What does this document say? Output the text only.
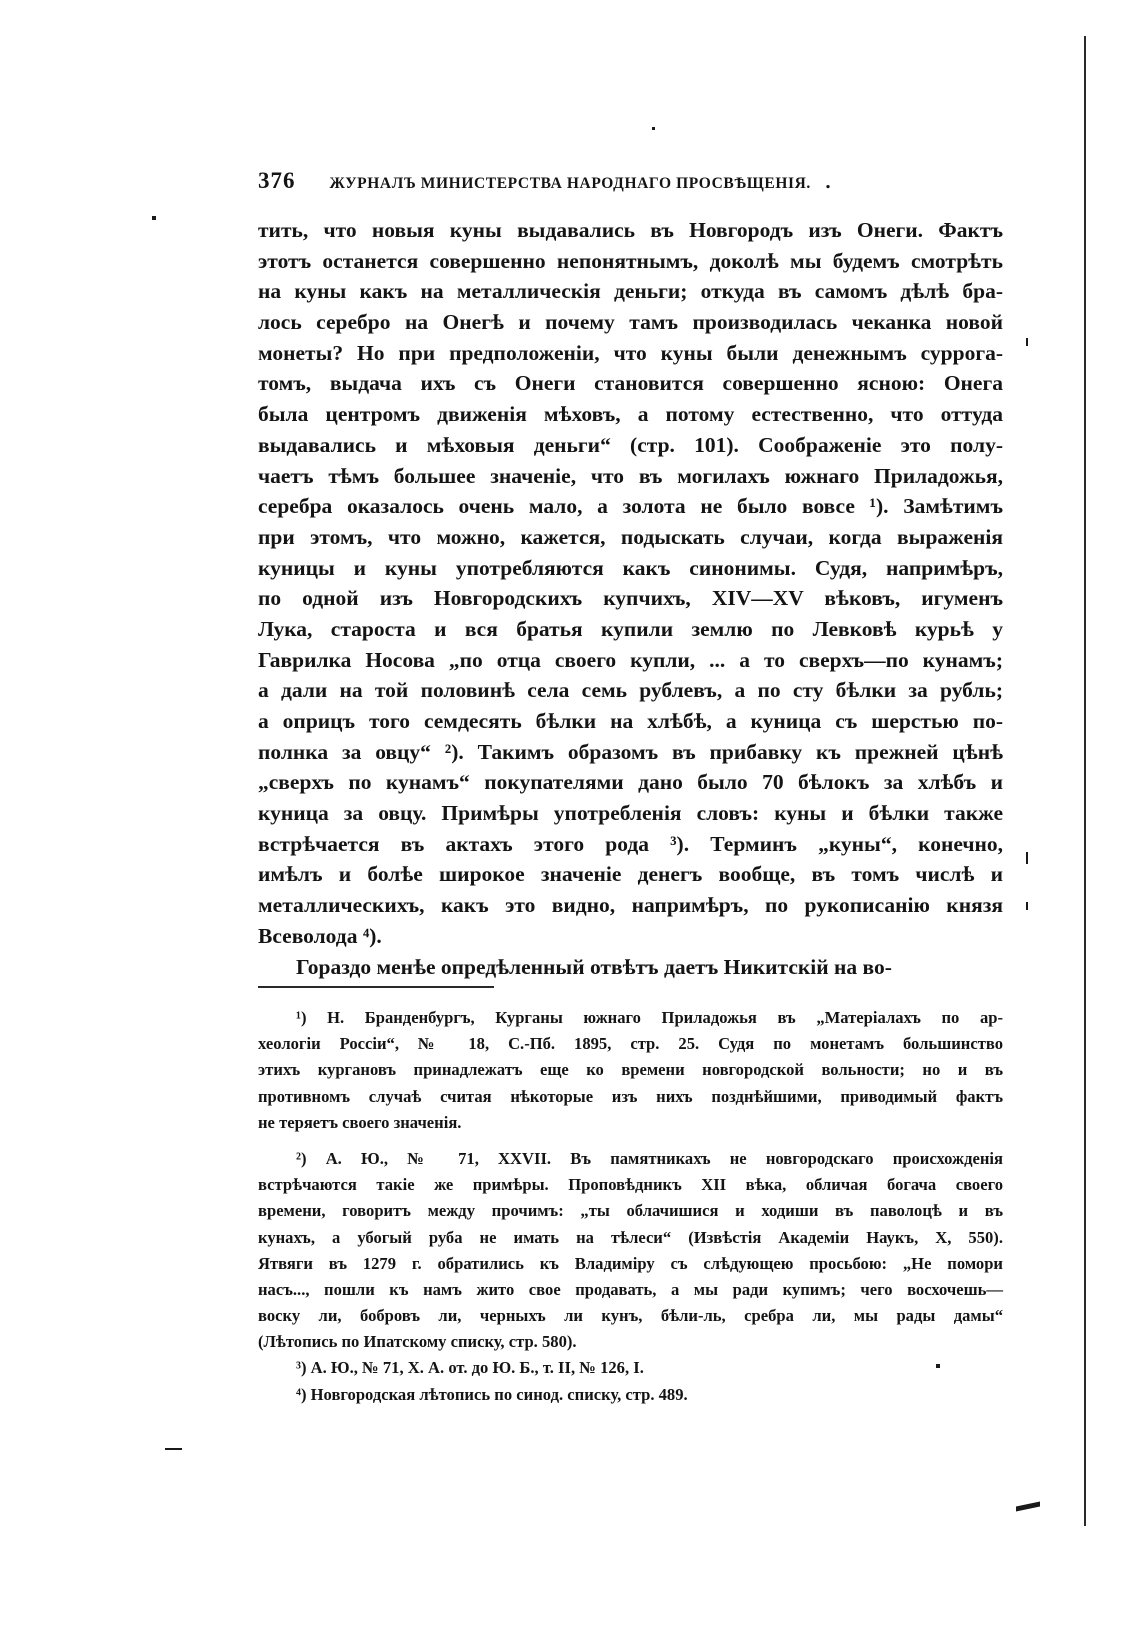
376 ЖУРНАЛЪ МИНИСТЕРСТВА НАРОДНАГО ПРОСВѢЩЕНІЯ. .
тить, что новыя куны выдавались въ Новгородъ изъ Онеги. Фактъ
этотъ останется совершенно непонятнымъ, доколѣ мы будемъ смотрѣть
на куны какъ на металлическія деньги; откуда въ самомъ дѣлѣ бра-
лось серебро на Онегѣ и почему тамъ производилась чеканка новой
монеты? Но при предположеніи, что куны были денежнымъ суррога-
томъ, выдача ихъ съ Онеги становится совершенно ясною: Онега
была центромъ движенія мѣховъ, а потому естественно, что оттуда
выдавались и мѣховыя деньги“ (стр. 101). Соображеніе это полу-
чаетъ тѣмъ большее значеніе, что въ могилахъ южнаго Приладожья,
серебра оказалось очень мало, а золота не было вовсе ¹). Замѣтимъ
при этомъ, что можно, кажется, подыскать случаи, когда выраженія
куницы и куны употребляются какъ синонимы. Судя, напримѣръ,
по одной изъ Новгородскихъ купчихъ, XIV—XV вѣковъ, игуменъ
Лука, староста и вся братья купили землю по Левковѣ курьѣ у
Гаврилка Носова „по отца своего купли, ... а то сверхъ—по кунамъ;
а дали на той половинѣ села семь рублевъ, а по сту бѣлки за рубль;
а оприцъ того семдесять бѣлки на хлѣбѣ, а куница съ шерстью по-
полнка за овцу“ ²). Такимъ образомъ въ прибавку къ прежней цѣнѣ
„сверхъ по кунамъ“ покупателями дано было 70 бѣлокъ за хлѣбъ и
куница за овцу. Примѣры употребленія словъ: куны и бѣлки также
встрѣчается въ актахъ этого рода ³). Терминъ „куны“, конечно,
имѣлъ и болѣе широкое значеніе денегъ вообще, въ томъ числѣ и
металлическихъ, какъ это видно, напримѣръ, по рукописанію князя
Всеволода ⁴).
Гораздо менѣе опредѣленный отвѣтъ даетъ Никитскій на во-
¹) Н. Бранденбургъ, Курганы южнаго Приладожья въ „Матеріалахъ по ар-
хеологіи Россіи“, № 18, С.-Пб. 1895, стр. 25. Судя по монетамъ большинство
этихъ кургановъ принадлежатъ еще ко времени новгородской вольности; но и въ
противномъ случаѣ считая нѣкоторые изъ нихъ позднѣйшими, приводимый фактъ
не теряетъ своего значенія.
²) А. Ю., № 71, XXVII. Въ памятникахъ не новгородскаго происхожденія
встрѣчаются такіе же примѣры. Проповѣдникъ XII вѣка, обличая богача своего
времени, говоритъ между прочимъ: „ты облачишися и ходиши въ паволоцѣ и въ
кунахъ, а убогый руба не имать на тѣлеси“ (Извѣстія Академіи Наукъ, X, 550).
Ятвяги въ 1279 г. обратились къ Владиміру съ слѣдующею просьбою: „Не помори
насъ..., пошли къ намъ жито свое продавать, а мы ради купимъ; чего восхочешь—
воску ли, бобровъ ли, черныхъ ли кунъ, бѣли-ль, сребра ли, мы рады дамы“
(Лѣтопись по Ипатскому списку, стр. 580).
³) А. Ю., № 71, X. А. от. до Ю. Б., т. II, № 126, I.
⁴) Новгородская лѣтопись по синод. списку, стр. 489.
